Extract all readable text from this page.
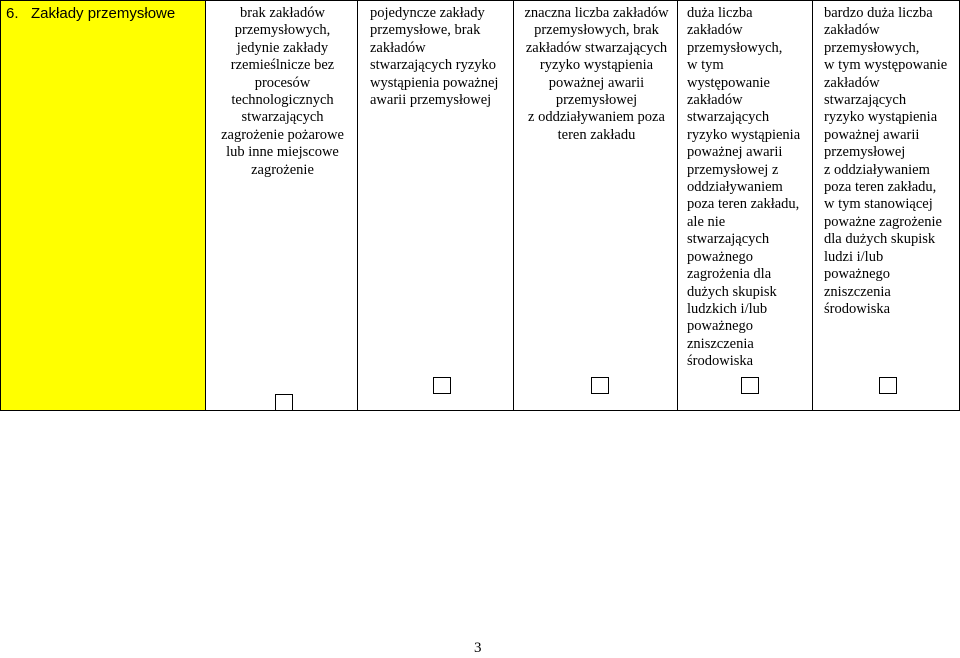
6.   Zakłady przemysłowe	brak zakładów
przemysłowych,
jedynie zakłady
rzemieślnicze bez
procesów
technologicznych
stwarzających
zagrożenie pożarowe
lub inne miejscowe
zagrożenie
pojedyncze zakłady
przemysłowe, brak
zakładów
stwarzających ryzyko
wystąpienia poważnej
awarii przemysłowej
znaczna liczba zakładów
przemysłowych, brak
zakładów stwarzających
ryzyko wystąpienia
poważnej awarii
przemysłowej
z oddziaływaniem poza
teren zakładu
duża liczba
zakładów
przemysłowych,
w tym
występowanie
zakładów
stwarzających
ryzyko wystąpienia
poważnej awarii
przemysłowej z
oddziaływaniem
poza teren zakładu,
ale nie
stwarzających
poważnego
zagrożenia dla
dużych skupisk
ludzkich i/lub
poważnego
zniszczenia
środowiska
bardzo duża liczba
zakładów
przemysłowych,
w tym występowanie
zakładów
stwarzających
ryzyko wystąpienia
poważnej awarii
przemysłowej
z oddziaływaniem
poza teren zakładu,
w tym stanowiącej
poważne zagrożenie
dla dużych skupisk
ludzi i/lub
poważnego
zniszczenia
środowiska
3
